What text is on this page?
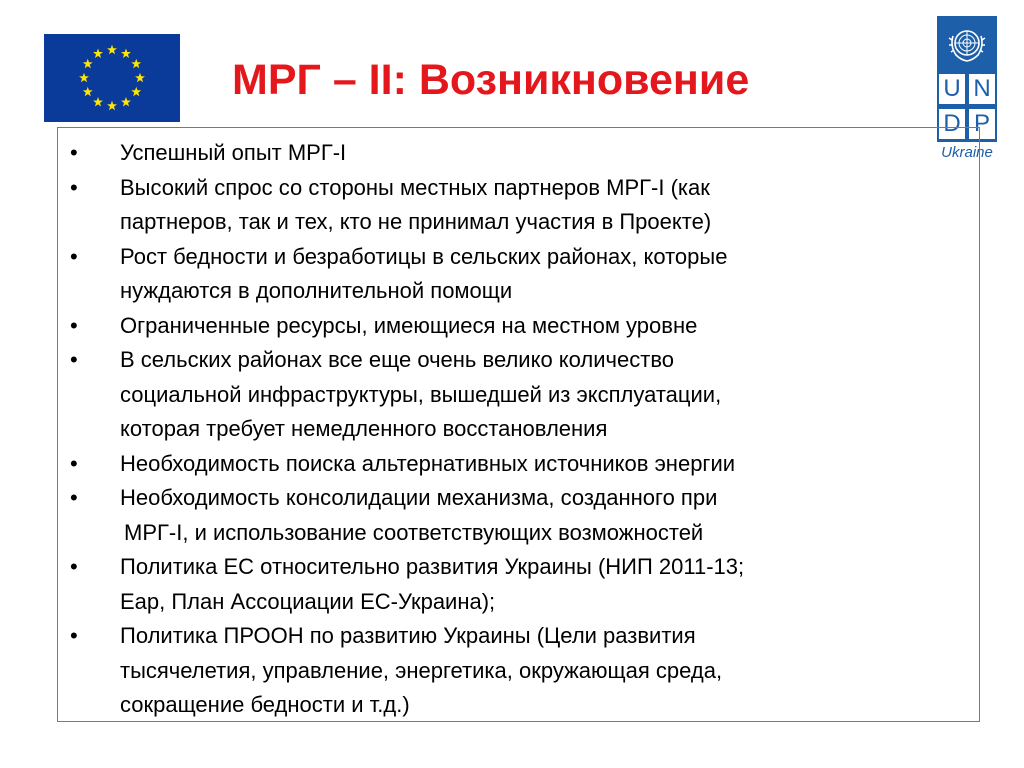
МРГ – II: Возникновение	U N
D P
Ukraine
• Успешный опыт МРГ-I
• Высокий спрос со стороны местных партнеров МРГ-I (как
партнеров, так и тех, кто не принимал участия в Проекте)
• Рост бедности и безработицы в сельских районах, которые
нуждаются в дополнительной помощи
• Ограниченные ресурсы, имеющиеся на местном уровне
• В сельских районах все еще очень велико количество
социальной инфраструктуры, вышедшей из эксплуатации,
которая требует немедленного восстановления
• Необходимость поиска альтернативных источников энергии
• Необходимость консолидации механизма, созданного при
МРГ-I, и использование соответствующих возможностей
• Политика ЕС относительно развития Украины (НИП 2011-13;
Еар, План Ассоциации ЕС-Украина);
• Политика ПРООН по развитию Украины (Цели развития
тысячелетия, управление, энергетика, окружающая среда,
сокращение бедности и т.д.)
